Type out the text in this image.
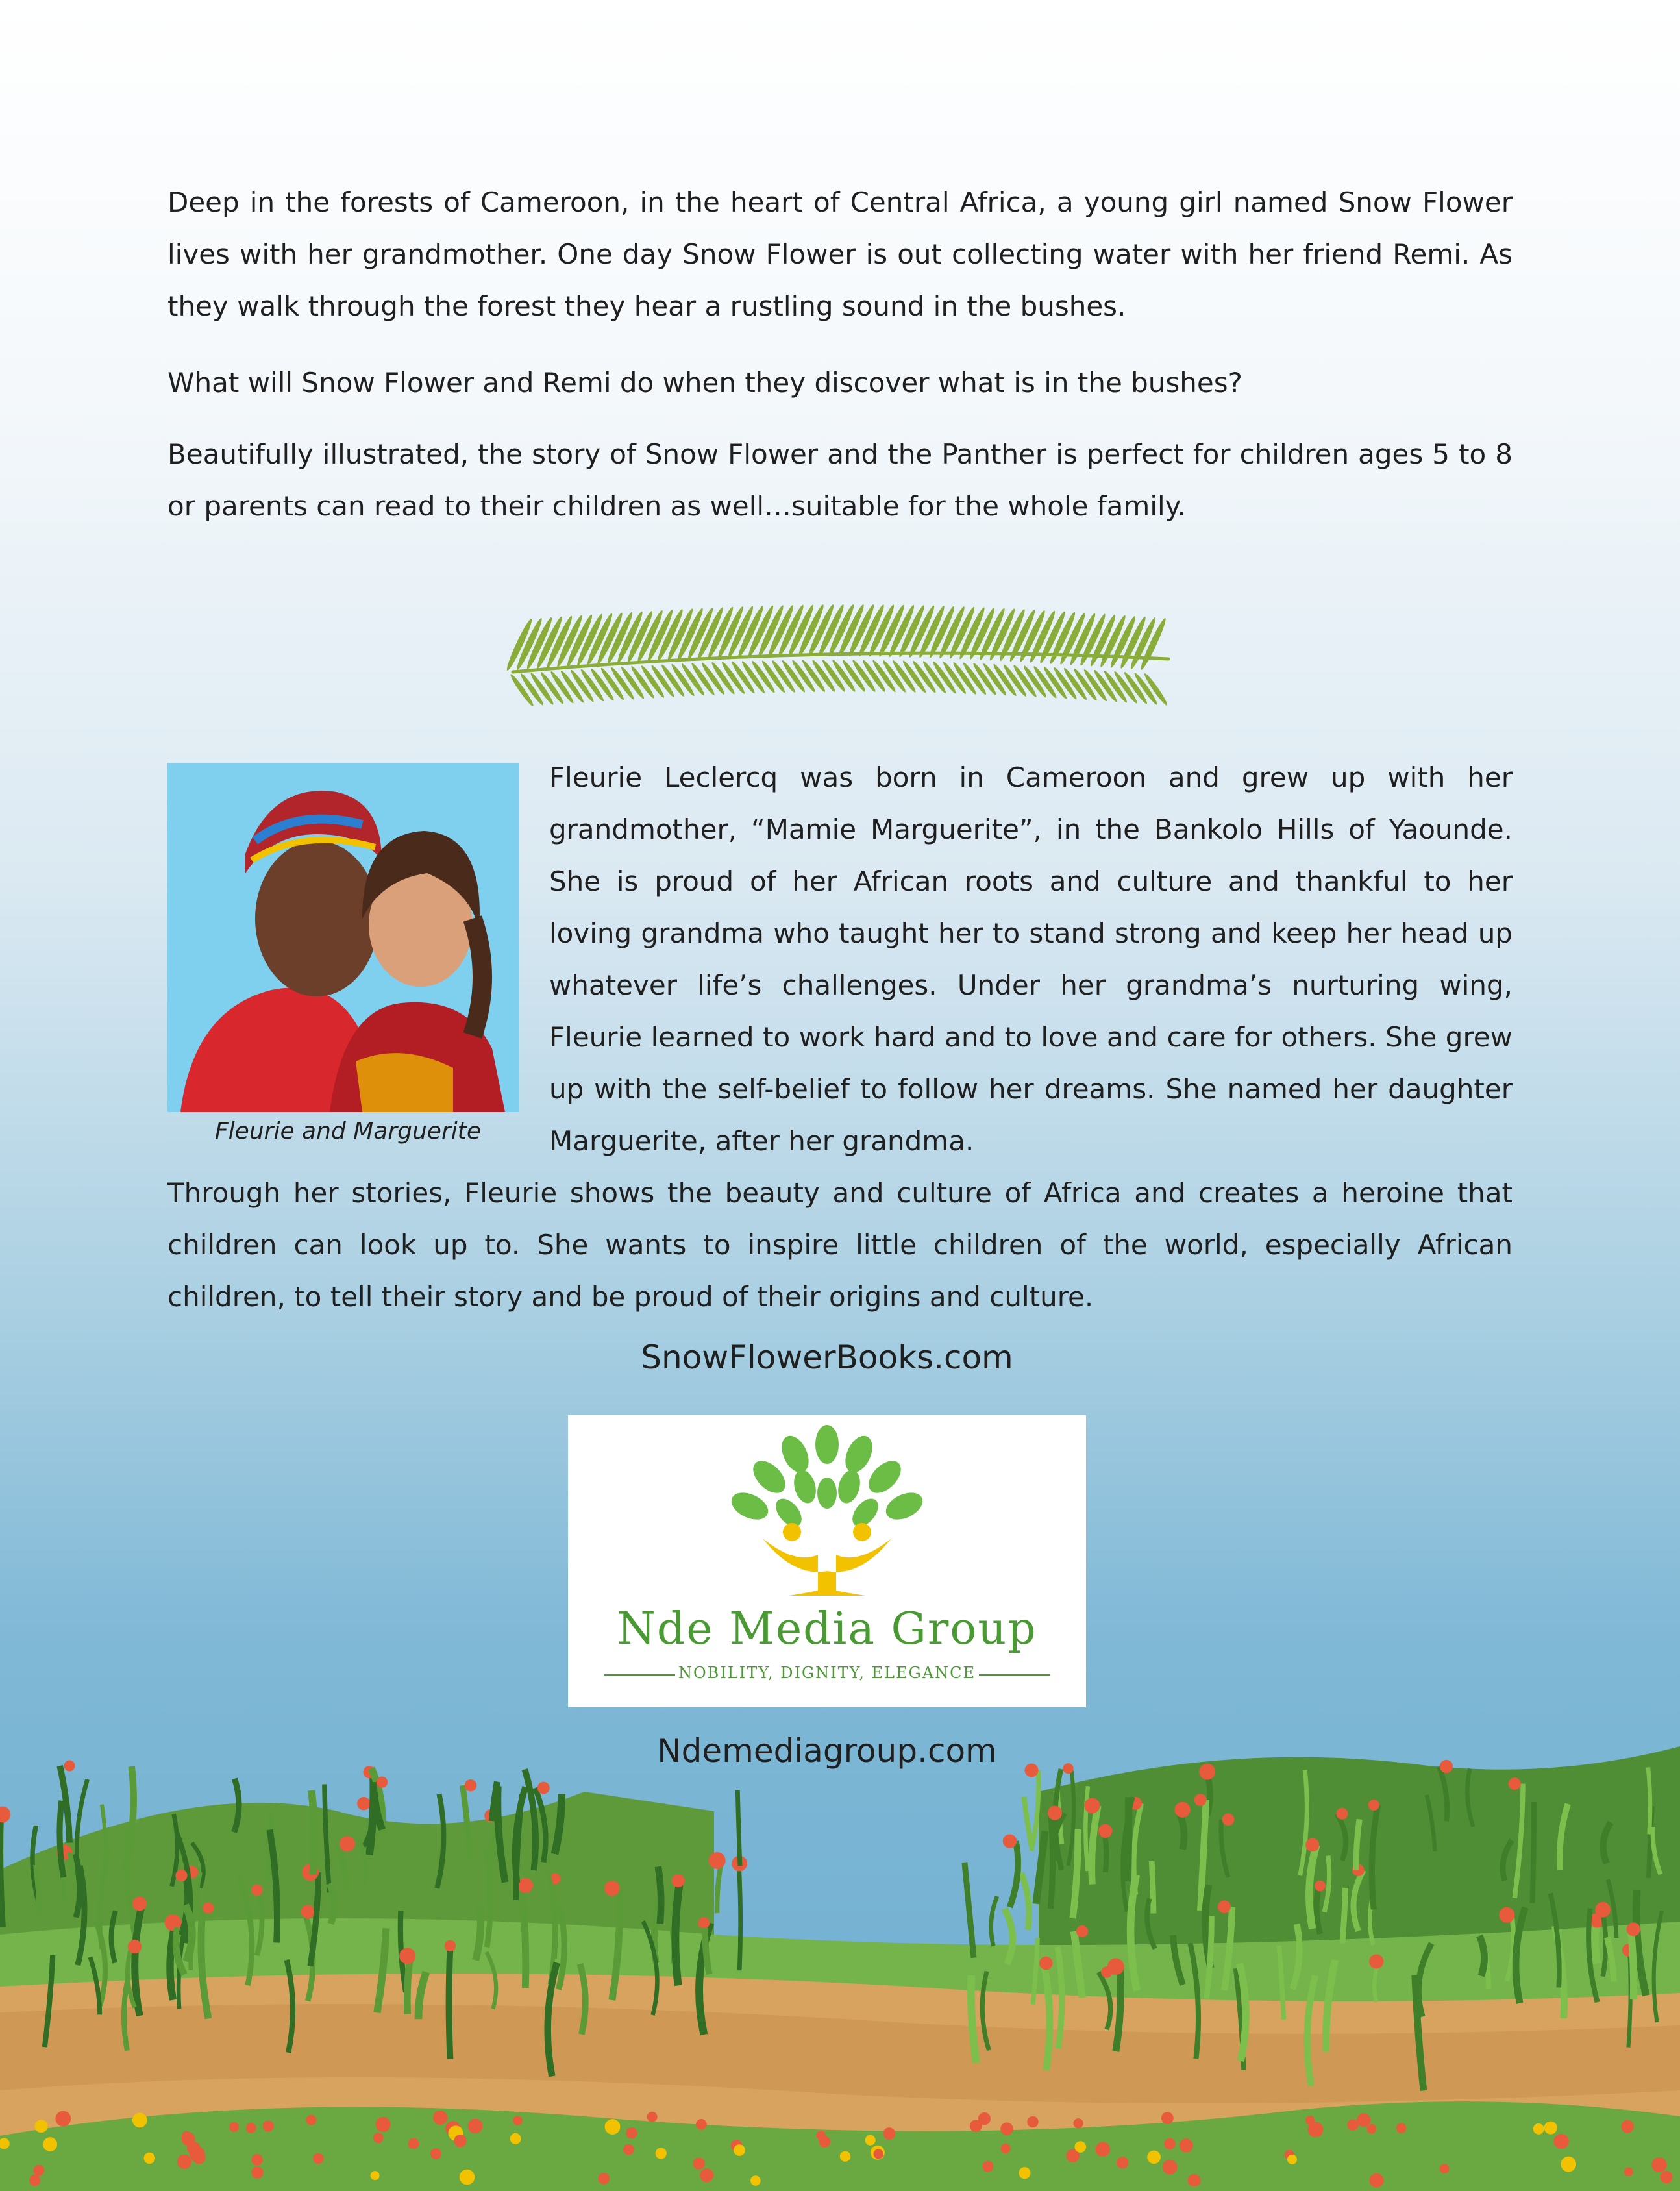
Deep in the forests of Cameroon, in the heart of Central Africa, a young girl named Snow Flower lives with her grandmother. One day Snow Flower is out collecting water with her friend Remi. As they walk through the forest they hear a rustling sound in the bushes.
What will Snow Flower and Remi do when they discover what is in the bushes?
Beautifully illustrated, the story of Snow Flower and the Panther is perfect for children ages 5 to 8 or parents can read to their children as well…suitable for the whole family.
Fleurie and Marguerite
Fleurie Leclercq was born in Cameroon and grew up with her grandmother, “Mamie Marguerite”, in the Bankolo Hills of Yaounde. She is proud of her African roots and culture and thankful to her loving grandma who taught her to stand strong and keep her head up whatever life’s challenges. Under her grandma’s nurturing wing, Fleurie learned to work hard and to love and care for others. She grew up with the self-belief to follow her dreams. She named her daughter Marguerite, after her grandma.
Through her stories, Fleurie shows the beauty and culture of Africa and creates a heroine that children can look up to. She wants to inspire little children of the world, especially African children, to tell their story and be proud of their origins and culture.
SnowFlowerBooks.com
Nde Media Group
NOBILITY, DIGNITY, ELEGANCE
Ndemediagroup.com
